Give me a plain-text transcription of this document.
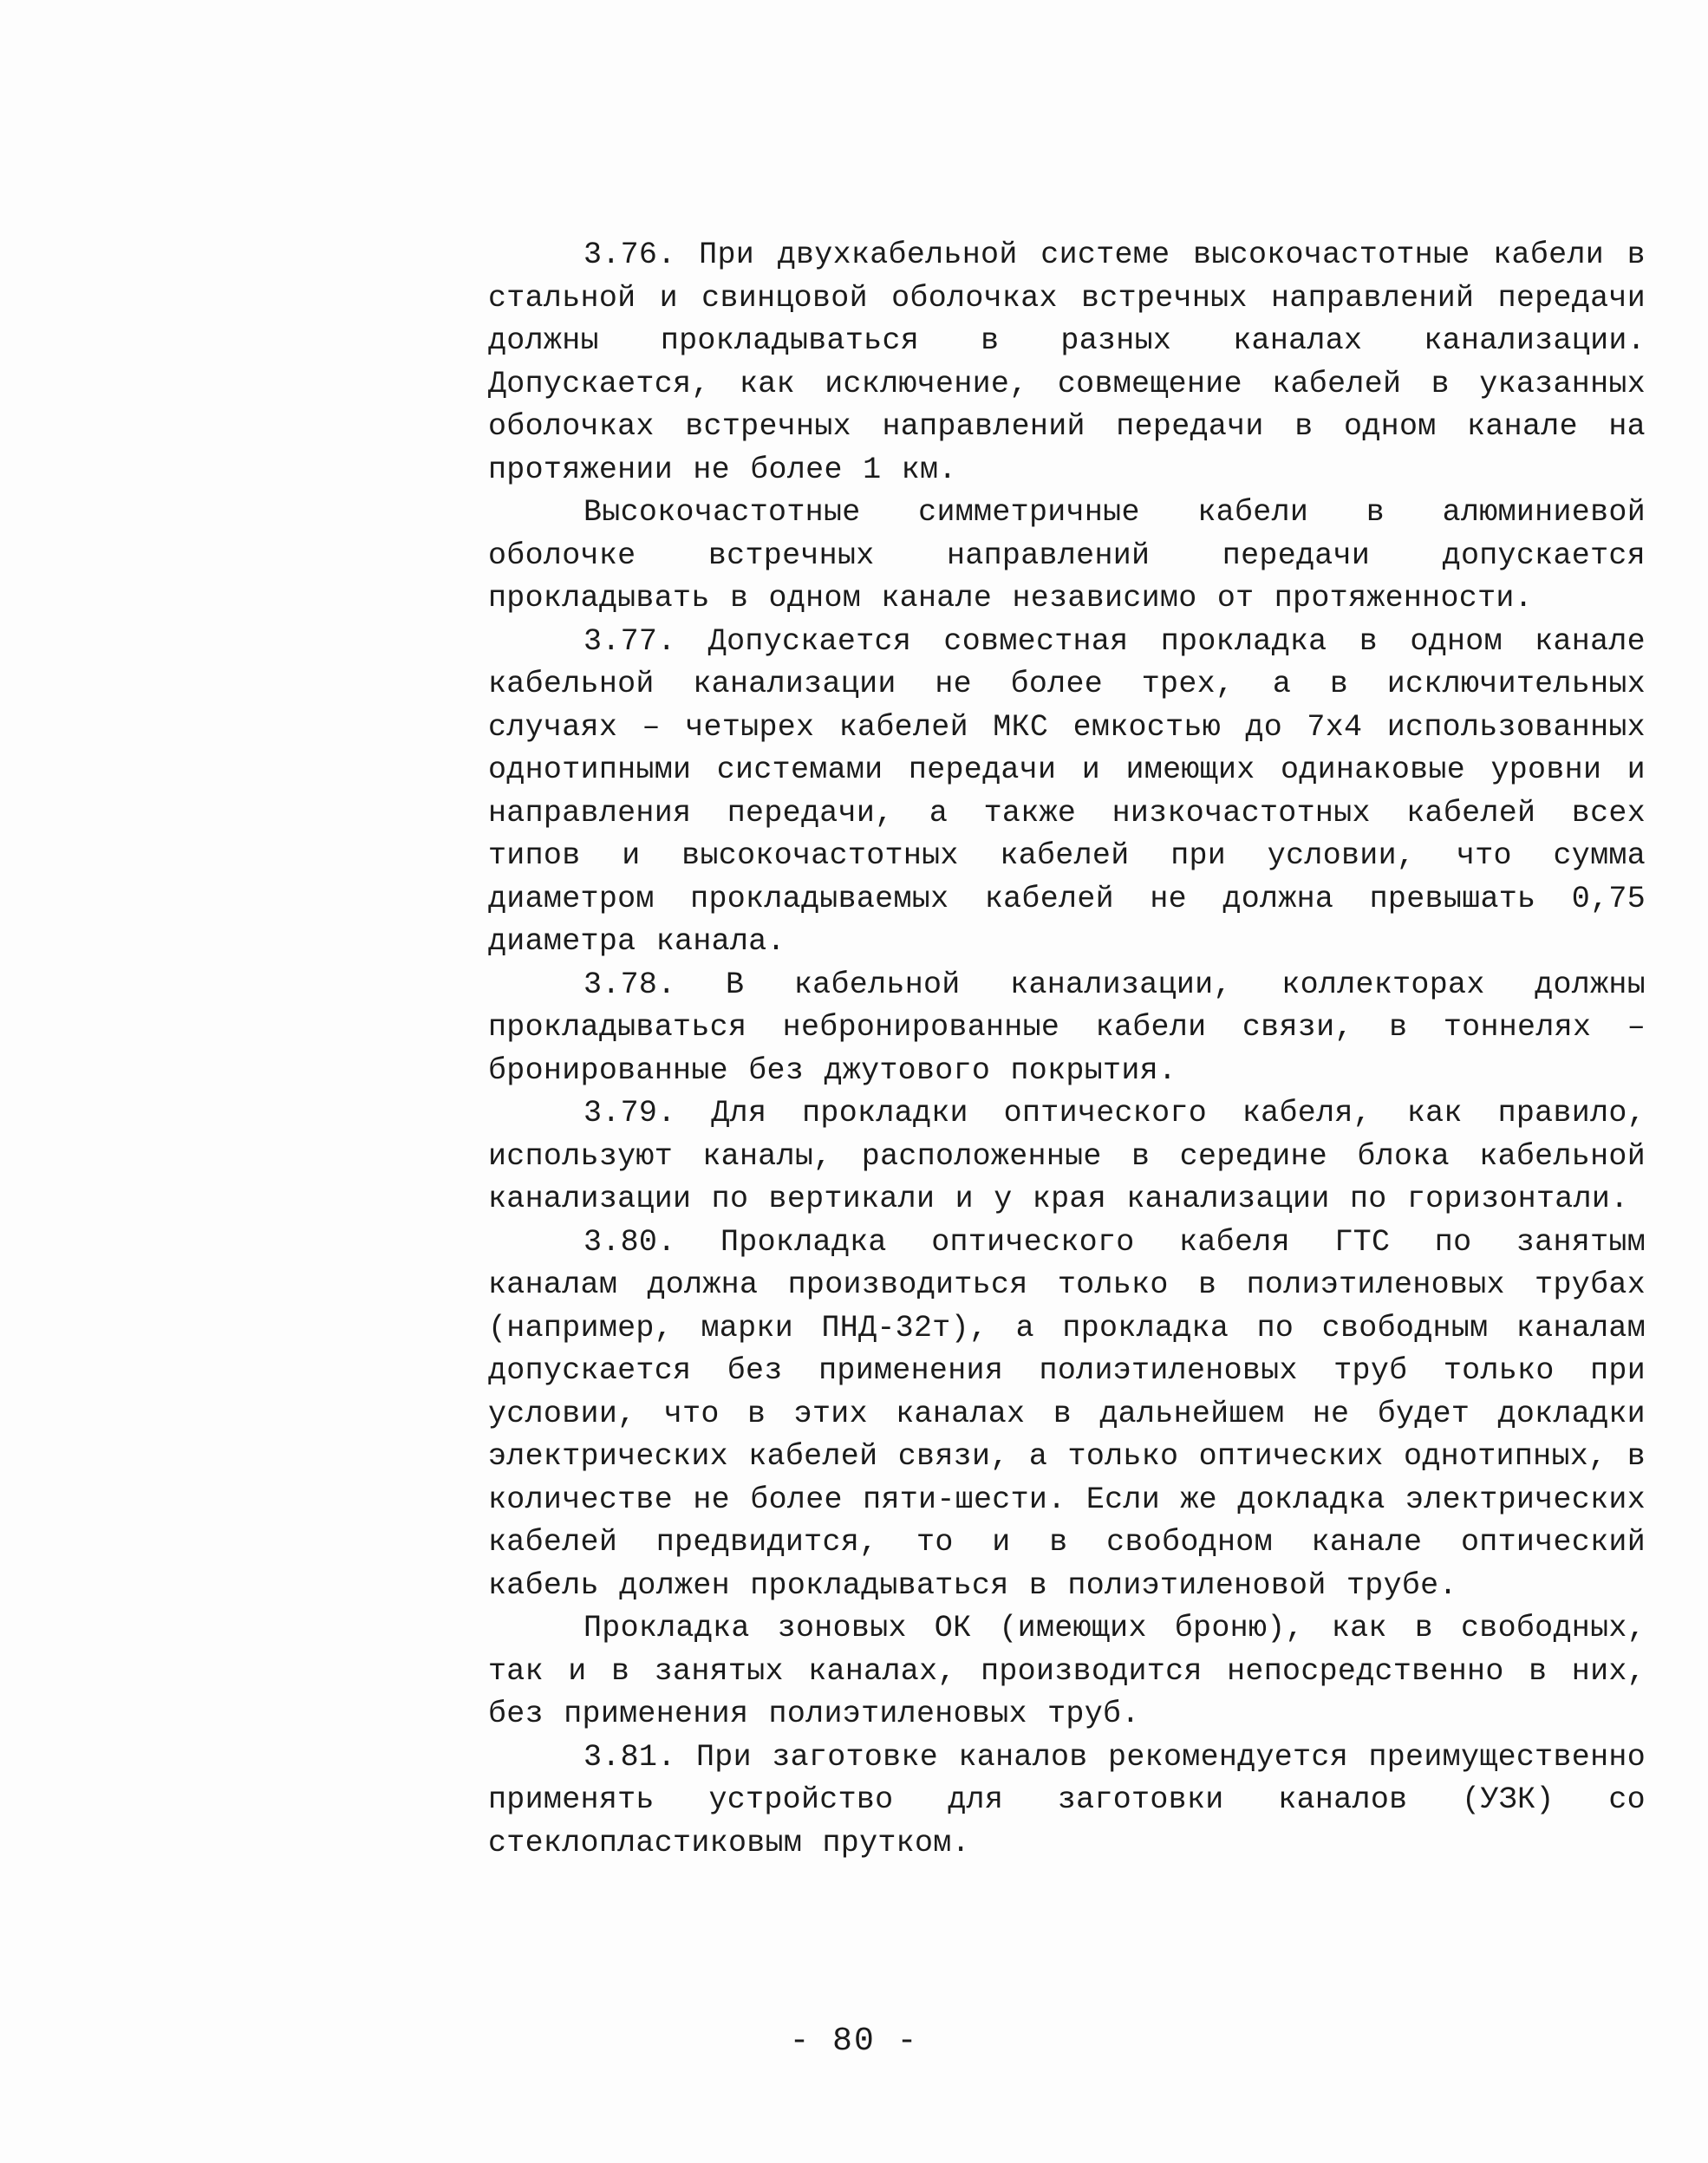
3.76. При двухкабельной системе высокочастотные кабели в стальной и свинцовой оболочках встречных направлений передачи должны прокладываться в разных каналах канализации. Допускается, как исключение, совмещение кабелей в указанных оболочках встречных направлений передачи в одном канале на протяжении не более 1 км.

Высокочастотные симметричные кабели в алюминиевой оболочке встречных направлений передачи допускается прокладывать в одном канале независимо от протяженности.

3.77. Допускается совместная прокладка в одном канале кабельной канализации не более трех, а в исключительных случаях – четырех кабелей МКС емкостью до 7х4 использованных однотипными системами передачи и имеющих одинаковые уровни и направления передачи, а также низкочастотных кабелей всех типов и высокочастотных кабелей при условии, что сумма диаметром прокладываемых кабелей не должна превышать 0,75 диаметра канала.

3.78. В кабельной канализации, коллекторах должны прокладываться небронированные кабели связи, в тоннелях – бронированные без джутового покрытия.

3.79. Для прокладки оптического кабеля, как правило, используют каналы, расположенные в середине блока кабельной канализации по вертикали и у края канализации по горизонтали.

3.80. Прокладка оптического кабеля ГТС по занятым каналам должна производиться только в полиэтиленовых трубах (например, марки ПНД-32т), а прокладка по свободным каналам допускается без применения полиэтиленовых труб только при условии, что в этих каналах в дальнейшем не будет докладки электрических кабелей связи, а только оптических однотипных, в количестве не более пяти-шести. Если же докладка электрических кабелей предвидится, то и в свободном канале оптический кабель должен прокладываться в полиэтиленовой трубе.

Прокладка зоновых ОК (имеющих броню), как в свободных, так и в занятых каналах, производится непосредственно в них, без применения полиэтиленовых труб.

3.81. При заготовке каналов рекомендуется преимущественно применять устройство для заготовки каналов (УЗК) со стеклопластиковым прутком.

- 80 -
